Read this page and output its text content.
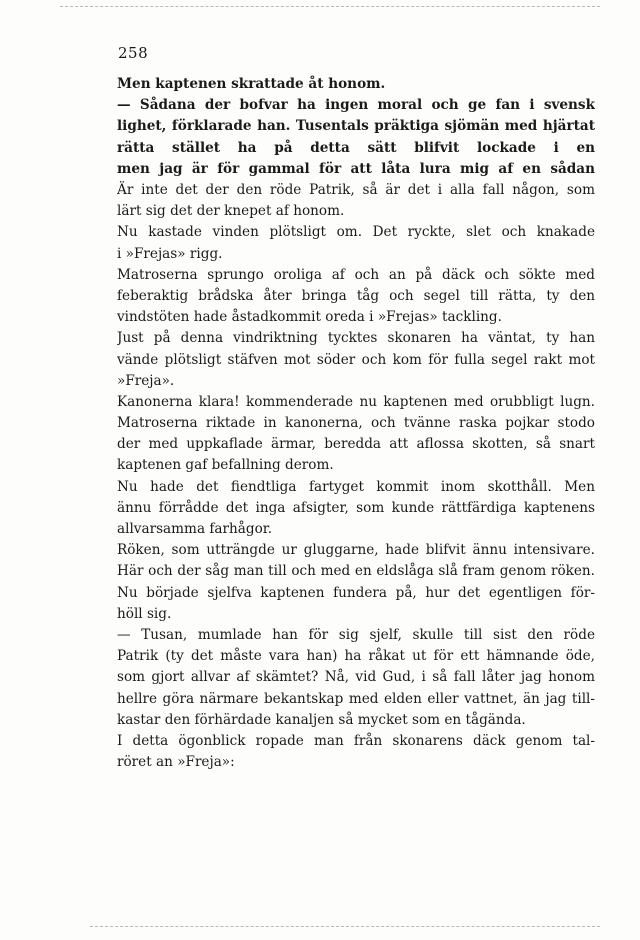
258
Men kaptenen skrattade åt honom.
— Sådana der bofvar ha ingen moral och ge fan i svensk
lighet, förklarade han. Tusentals präktiga sjömän med hjärtat
rätta stället ha på detta sätt blifvit lockade i en
men jag är för gammal för att låta lura mig af en sådan
Är inte det der den röde Patrik, så är det i alla fall någon, som
lärt sig det der knepet af honom.
Nu kastade vinden plötsligt om. Det ryckte, slet och knakade
i »Frejas» rigg.
Matroserna sprungo oroliga af och an på däck och sökte med
feberaktig brådska åter bringa tåg och segel till rätta, ty den
vindstöten hade åstadkommit oreda i »Frejas» tackling.
Just på denna vindriktning tycktes skonaren ha väntat, ty han
vände plötsligt stäfven mot söder och kom för fulla segel rakt mot
»Freja».
Kanonerna klara! kommenderade nu kaptenen med orubbligt lugn.
Matroserna riktade in kanonerna, och tvänne raska pojkar stodo
der med uppkaflade ärmar, beredda att aflossa skotten, så snart
kaptenen gaf befallning derom.
Nu hade det fiendtliga fartyget kommit inom skotthåll. Men
ännu förrådde det inga afsigter, som kunde rättfärdiga kaptenens
allvarsamma farhågor.
Röken, som utträngde ur gluggarne, hade blifvit ännu intensivare.
Här och der såg man till och med en eldslåga slå fram genom röken.
Nu började sjelfva kaptenen fundera på, hur det egentligen för-
höll sig.
— Tusan, mumlade han för sig sjelf, skulle till sist den röde
Patrik (ty det måste vara han) ha råkat ut för ett hämnande öde,
som gjort allvar af skämtet? Nå, vid Gud, i så fall låter jag honom
hellre göra närmare bekantskap med elden eller vattnet, än jag till-
kastar den förhärdade kanaljen så mycket som en tågända.
I detta ögonblick ropade man från skonarens däck genom tal-
röret an »Freja»:
